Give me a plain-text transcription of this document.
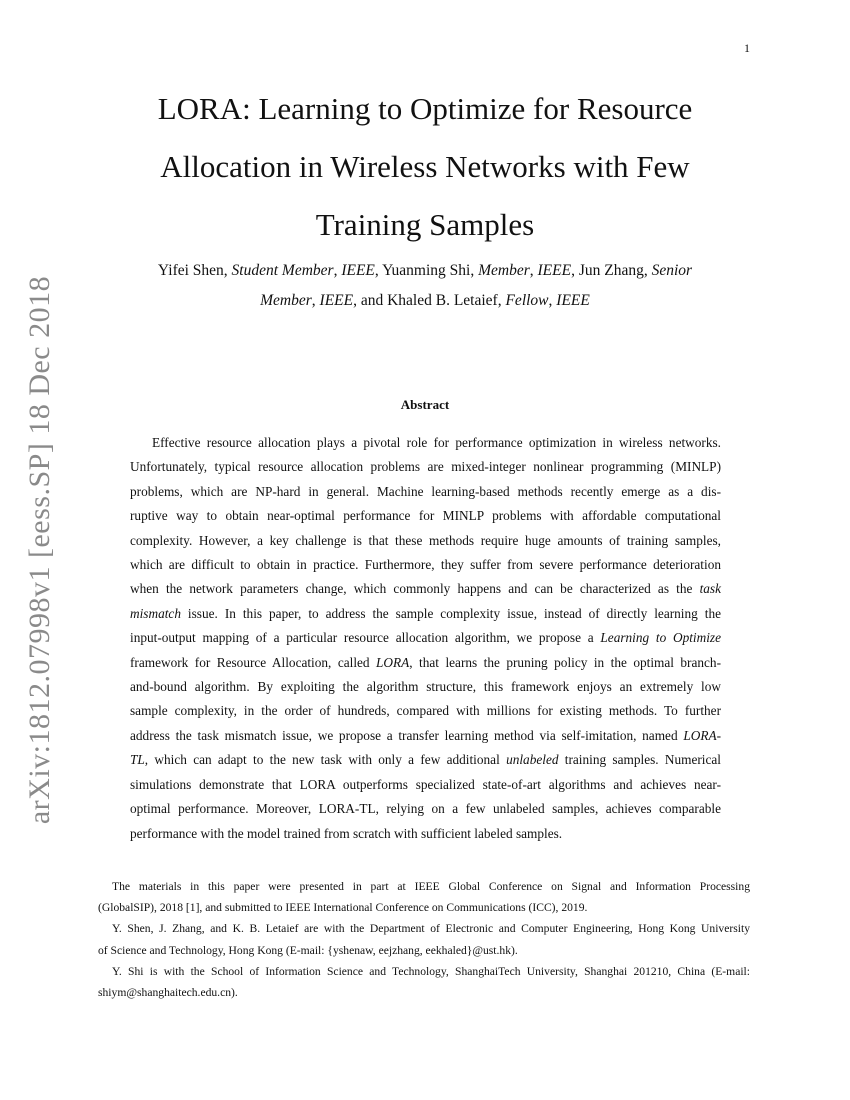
1
arXiv:1812.07998v1 [eess.SP] 18 Dec 2018
LORA: Learning to Optimize for Resource
Allocation in Wireless Networks with Few
Training Samples
Yifei Shen, Student Member, IEEE, Yuanming Shi, Member, IEEE, Jun Zhang, Senior
Member, IEEE, and Khaled B. Letaief, Fellow, IEEE
Abstract
Effective resource allocation plays a pivotal role for performance optimization in wireless networks.
Unfortunately, typical resource allocation problems are mixed-integer nonlinear programming (MINLP)
problems, which are NP-hard in general. Machine learning-based methods recently emerge as a dis-
ruptive way to obtain near-optimal performance for MINLP problems with affordable computational
complexity. However, a key challenge is that these methods require huge amounts of training samples,
which are difficult to obtain in practice. Furthermore, they suffer from severe performance deterioration
when the network parameters change, which commonly happens and can be characterized as the task
mismatch issue. In this paper, to address the sample complexity issue, instead of directly learning the
input-output mapping of a particular resource allocation algorithm, we propose a Learning to Optimize
framework for Resource Allocation, called LORA, that learns the pruning policy in the optimal branch-
and-bound algorithm. By exploiting the algorithm structure, this framework enjoys an extremely low
sample complexity, in the order of hundreds, compared with millions for existing methods. To further
address the task mismatch issue, we propose a transfer learning method via self-imitation, named LORA-
TL, which can adapt to the new task with only a few additional unlabeled training samples. Numerical
simulations demonstrate that LORA outperforms specialized state-of-art algorithms and achieves near-
optimal performance. Moreover, LORA-TL, relying on a few unlabeled samples, achieves comparable
performance with the model trained from scratch with sufficient labeled samples.
The materials in this paper were presented in part at IEEE Global Conference on Signal and Information Processing
(GlobalSIP), 2018 [1], and submitted to IEEE International Conference on Communications (ICC), 2019.
Y. Shen, J. Zhang, and K. B. Letaief are with the Department of Electronic and Computer Engineering, Hong Kong University
of Science and Technology, Hong Kong (E-mail: {yshenaw, eejzhang, eekhaled}@ust.hk).
Y. Shi is with the School of Information Science and Technology, ShanghaiTech University, Shanghai 201210, China (E-mail:
shiym@shanghaitech.edu.cn).
